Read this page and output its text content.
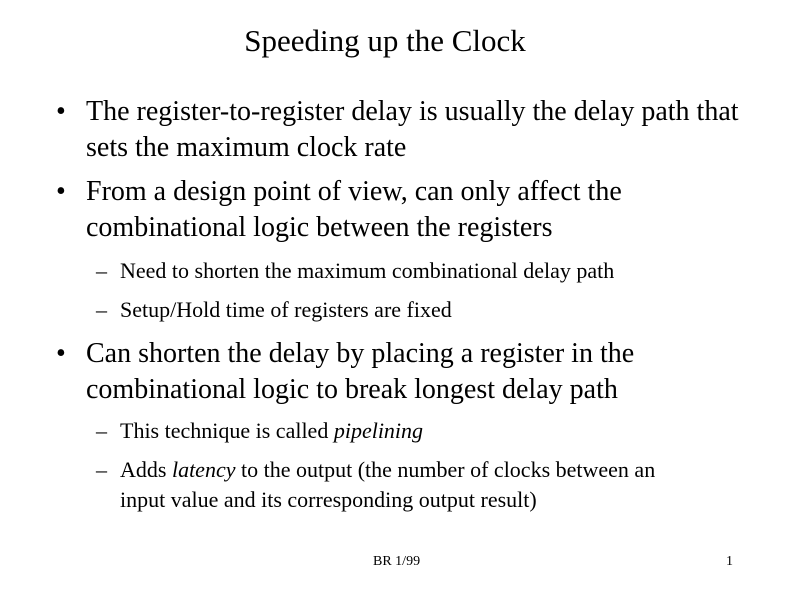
Speeding up the Clock
• The register-to-register delay is usually the delay path that sets the maximum clock rate
• From a design point of view, can only affect the combinational logic between the registers
– Need to shorten the maximum combinational delay path
– Setup/Hold time of registers are fixed
• Can shorten the delay by placing a register in the combinational logic to break longest delay path
– This technique is called pipelining
– Adds latency to the output (the number of clocks between an input value and its corresponding output result)
BR 1/99	1
